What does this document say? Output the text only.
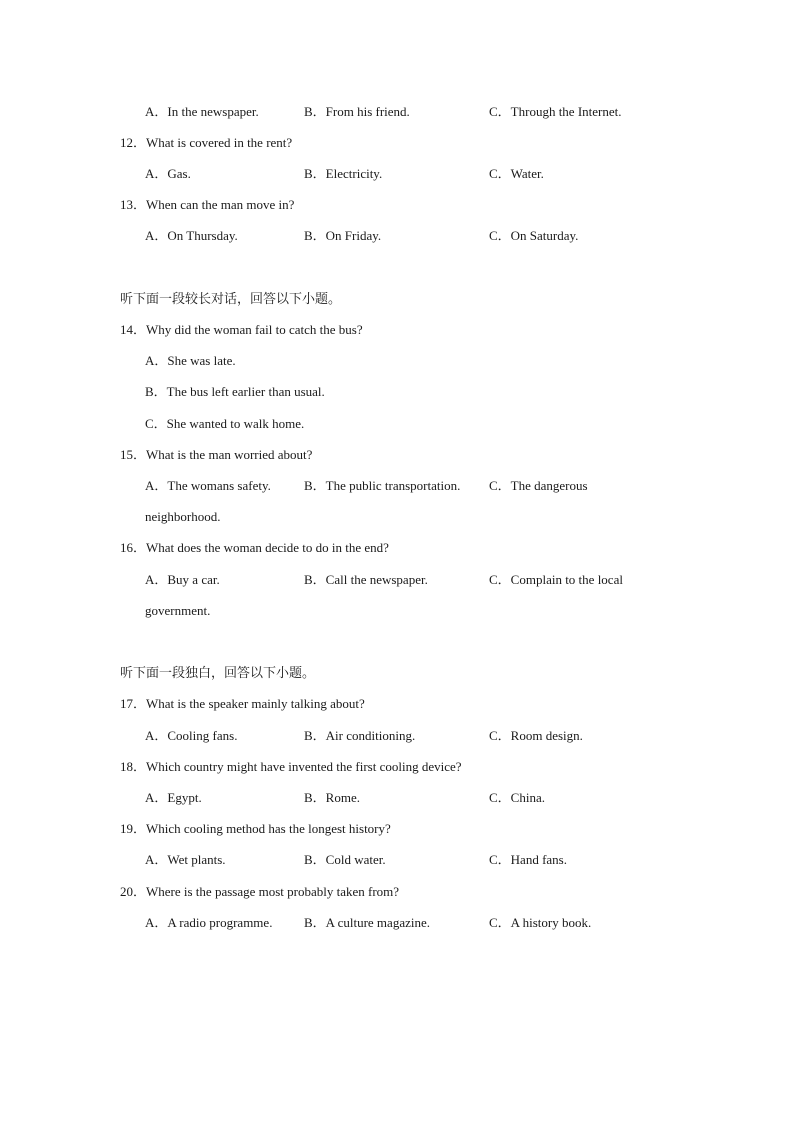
A．In the newspaper.	B．From his friend.	C．Through the Internet.
12．What is covered in the rent?
A．Gas.	B．Electricity.	C．Water.
13．When can the man move in?
A．On Thursday.	B．On Friday.	C．On Saturday.
听下面一段较长对话，回答以下小题。
14．Why did the woman fail to catch the bus?
A．She was late.
B．The bus left earlier than usual.
C．She wanted to walk home.
15．What is the man worried about?
A．The womans safety.	B．The public transportation. C．The dangerous
neighborhood.
16．What does the woman decide to do in the end?
A．Buy a car.	B．Call the newspaper.	C．Complain to the local
government.
听下面一段独白，回答以下小题。
17．What is the speaker mainly talking about?
A．Cooling fans.	B．Air conditioning.	C．Room design.
18．Which country might have invented the first cooling device?
A．Egypt.	B．Rome.	C．China.
19．Which cooling method has the longest history?
A．Wet plants.	B．Cold water.	C．Hand fans.
20．Where is the passage most probably taken from?
A．A radio programme. B．A culture magazine.	C．A history book.
